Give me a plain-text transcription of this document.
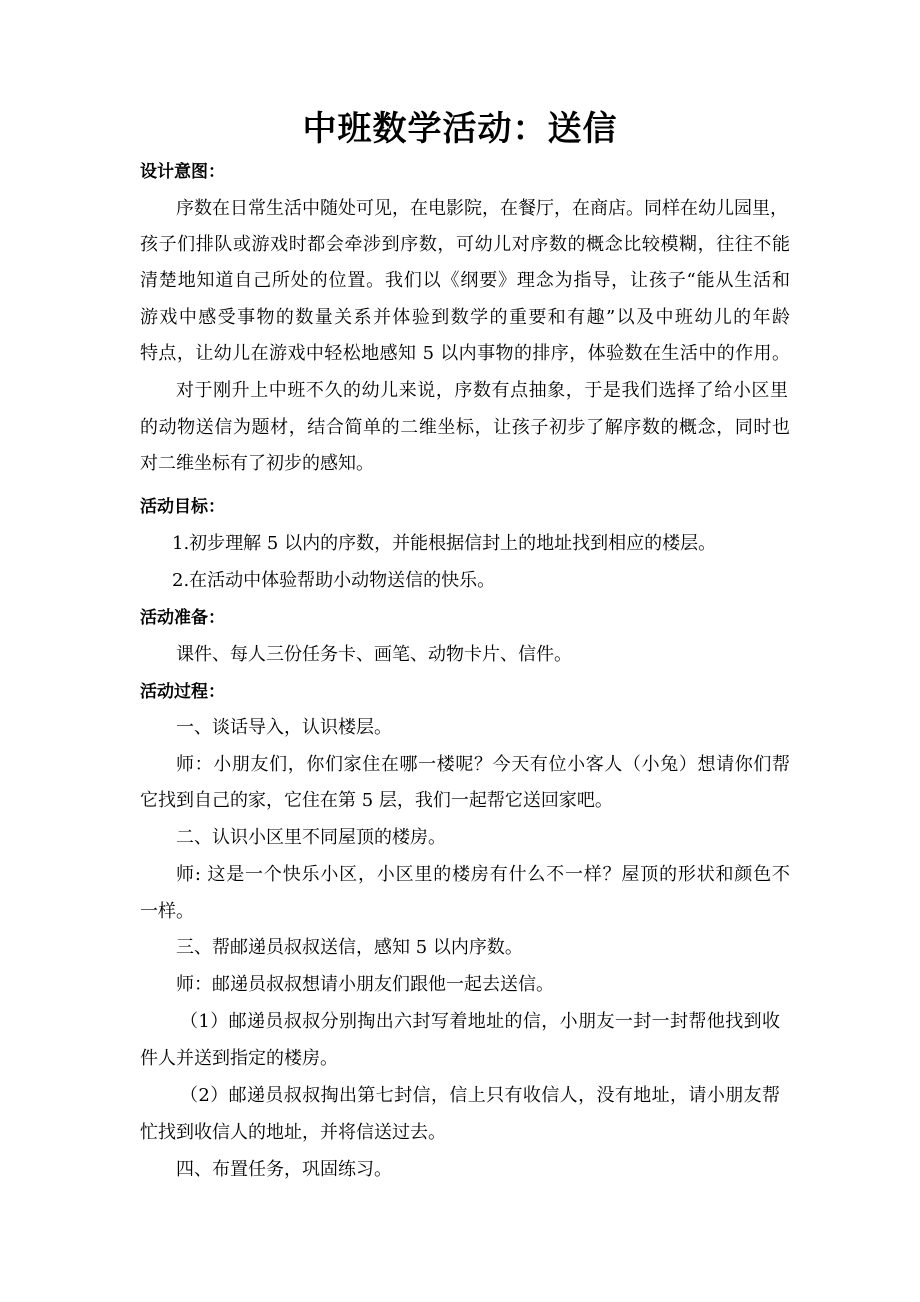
中班数学活动：送信
设计意图：
序数在日常生活中随处可见，在电影院，在餐厅，在商店。同样在幼儿园里，
孩子们排队或游戏时都会牵涉到序数，可幼儿对序数的概念比较模糊，往往不能
清楚地知道自己所处的位置。我们以《纲要》理念为指导，让孩子“能从生活和
游戏中感受事物的数量关系并体验到数学的重要和有趣”以及中班幼儿的年龄
特点，让幼儿在游戏中轻松地感知 5 以内事物的排序，体验数在生活中的作用。
对于刚升上中班不久的幼儿来说，序数有点抽象，于是我们选择了给小区里
的动物送信为题材，结合简单的二维坐标，让孩子初步了解序数的概念，同时也
对二维坐标有了初步的感知。
活动目标：
1.初步理解 5 以内的序数，并能根据信封上的地址找到相应的楼层。
2.在活动中体验帮助小动物送信的快乐。
活动准备：
课件、每人三份任务卡、画笔、动物卡片、信件。
活动过程：
一、谈话导入，认识楼层。
师：小朋友们，你们家住在哪一楼呢？今天有位小客人（小兔）想请你们帮
它找到自己的家，它住在第 5 层，我们一起帮它送回家吧。
二、认识小区里不同屋顶的楼房。
师: 这是一个快乐小区，小区里的楼房有什么不一样？屋顶的形状和颜色不
一样。
三、帮邮递员叔叔送信，感知 5 以内序数。
师：邮递员叔叔想请小朋友们跟他一起去送信。
（1）邮递员叔叔分别掏出六封写着地址的信，小朋友一封一封帮他找到收
件人并送到指定的楼房。
（2）邮递员叔叔掏出第七封信，信上只有收信人，没有地址，请小朋友帮
忙找到收信人的地址，并将信送过去。
四、布置任务，巩固练习。
